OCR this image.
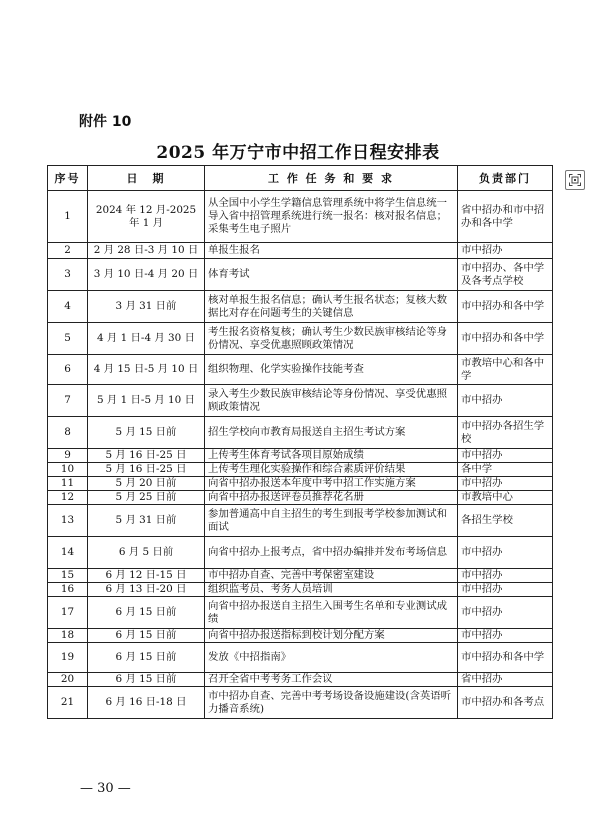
附件 10
2025 年万宁市中招工作日程安排表
序号	日　期	工 作 任 务 和 要 求	负责部门
1	2024 年 12 月-2025 年 1 月	从全国中小学生学籍信息管理系统中将学生信息统一导入省中招管理系统进行统一报名：核对报名信息；采集考生电子照片	省中招办和市中招办和各中学
2	2 月 28 日-3 月 10 日	单报生报名	市中招办
3	3 月 10 日-4 月 20 日	体育考试	市中招办、各中学及各考点学校
4	3 月 31 日前	核对单报生报名信息；确认考生报名状态；复核大数据比对存在问题考生的关键信息	市中招办和各中学
5	4 月 1 日-4 月 30 日	考生报名资格复核；确认考生少数民族审核结论等身份情况、享受优惠照顾政策情况	市中招办和各中学
6	4 月 15 日-5 月 10 日	组织物理、化学实验操作技能考查	市教培中心和各中学
7	5 月 1 日-5 月 10 日	录入考生少数民族审核结论等身份情况、享受优惠照顾政策情况	市中招办
8	5 月 15 日前	招生学校向市教育局报送自主招生考试方案	市中招办各招生学校
9	5 月 16 日-25 日	上传考生体育考试各项目原始成绩	市中招办
10	5 月 16 日-25 日	上传考生理化实验操作和综合素质评价结果	各中学
11	5 月 20 日前	向省中招办报送本年度中考中招工作实施方案	市中招办
12	5 月 25 日前	向省中招办报送评卷员推荐花名册	市教培中心
13	5 月 31 日前	参加普通高中自主招生的考生到报考学校参加测试和面试	各招生学校
14	6 月 5 日前	向省中招办上报考点，省中招办编排并发布考场信息	市中招办
15	6 月 12 日-15 日	市中招办自查、完善中考保密室建设	市中招办
16	6 月 13 日-20 日	组织监考员、考务人员培训	市中招办
17	6 月 15 日前	向省中招办报送自主招生入围考生名单和专业测试成绩	市中招办
18	6 月 15 日前	向省中招办报送指标到校计划分配方案	市中招办
19	6 月 15 日前	发放《中招指南》	市中招办和各中学
20	6 月 15 日前	召开全省中考考务工作会议	省中招办
21	6 月 16 日-18 日	市中招办自查、完善中考考场设备设施建设(含英语听力播音系统)	市中招办和各考点
— 30 —
